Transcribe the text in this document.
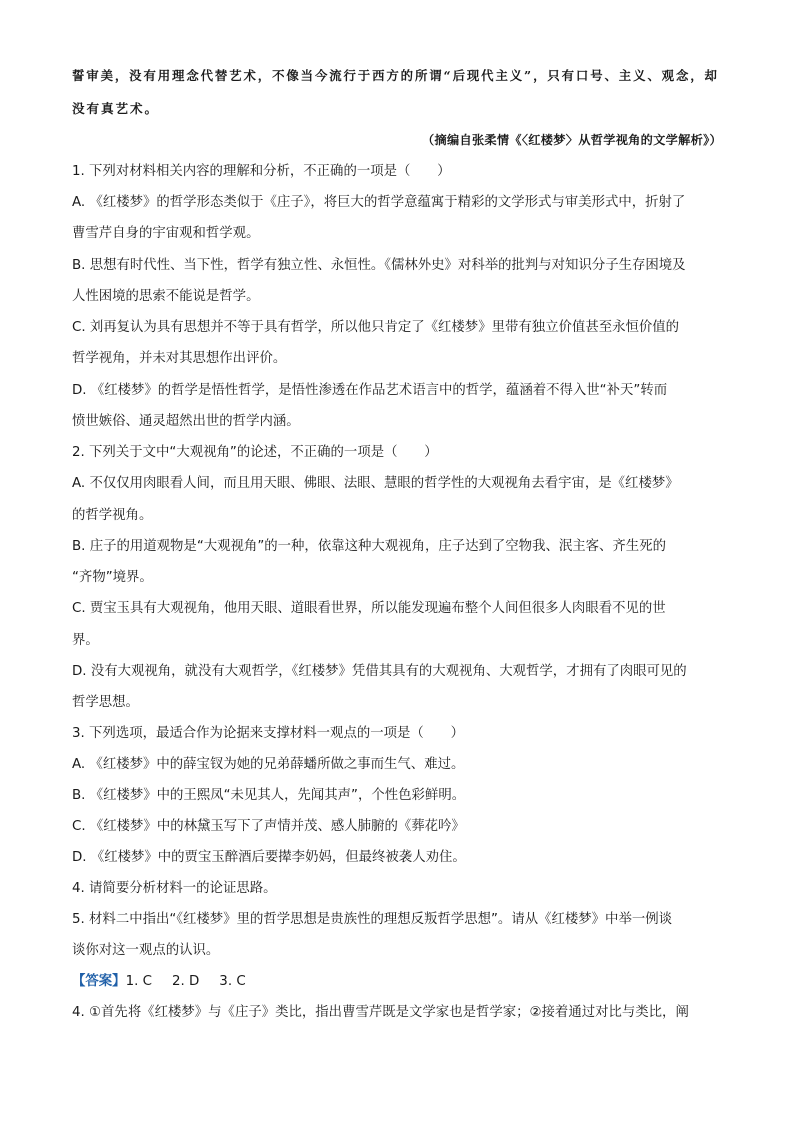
誓审美，没有用理念代替艺术，不像当今流行于西方的所谓“后现代主义”，只有口号、主义、观念，却
没有真艺术。
（摘编自张柔情《〈红楼梦〉从哲学视角的文学解析》）
1. 下列对材料相关内容的理解和分析，不正确的一项是（　　）
A. 《红楼梦》的哲学形态类似于《庄子》，将巨大的哲学意蕴寓于精彩的文学形式与审美形式中，折射了
曹雪芹自身的宇宙观和哲学观。
B. 思想有时代性、当下性，哲学有独立性、永恒性。《儒林外史》对科举的批判与对知识分子生存困境及
人性困境的思索不能说是哲学。
C. 刘再复认为具有思想并不等于具有哲学，所以他只肯定了《红楼梦》里带有独立价值甚至永恒价值的
哲学视角，并未对其思想作出评价。
D. 《红楼梦》的哲学是悟性哲学，是悟性渗透在作品艺术语言中的哲学，蕴涵着不得入世“补天”转而
愤世嫉俗、通灵超然出世的哲学内涵。
2. 下列关于文中“大观视角”的论述，不正确的一项是（　　）
A. 不仅仅用肉眼看人间，而且用天眼、佛眼、法眼、慧眼的哲学性的大观视角去看宇宙，是《红楼梦》
的哲学视角。
B. 庄子的用道观物是“大观视角”的一种，依靠这种大观视角，庄子达到了空物我、泯主客、齐生死的
“齐物”境界。
C. 贾宝玉具有大观视角，他用天眼、道眼看世界，所以能发现遍布整个人间但很多人肉眼看不见的世
界。
D. 没有大观视角，就没有大观哲学，《红楼梦》凭借其具有的大观视角、大观哲学，才拥有了肉眼可见的
哲学思想。
3. 下列选项，最适合作为论据来支撑材料一观点的一项是（　　）
A. 《红楼梦》中的薛宝钗为她的兄弟薛蟠所做之事而生气、难过。
B. 《红楼梦》中的王熙凤“未见其人，先闻其声”，个性色彩鲜明。
C. 《红楼梦》中的林黛玉写下了声情并茂、感人肺腑的《葬花吟》
D. 《红楼梦》中的贾宝玉醉酒后要撵李奶妈，但最终被袭人劝住。
4. 请简要分析材料一的论证思路。
5. 材料二中指出“《红楼梦》里的哲学思想是贵族性的理想反叛哲学思想”。请从《红楼梦》中举一例谈
谈你对这一观点的认识。
【答案】1. C 2. D 3. C
4. ①首先将《红楼梦》与《庄子》类比，指出曹雪芹既是文学家也是哲学家；②接着通过对比与类比，阐
